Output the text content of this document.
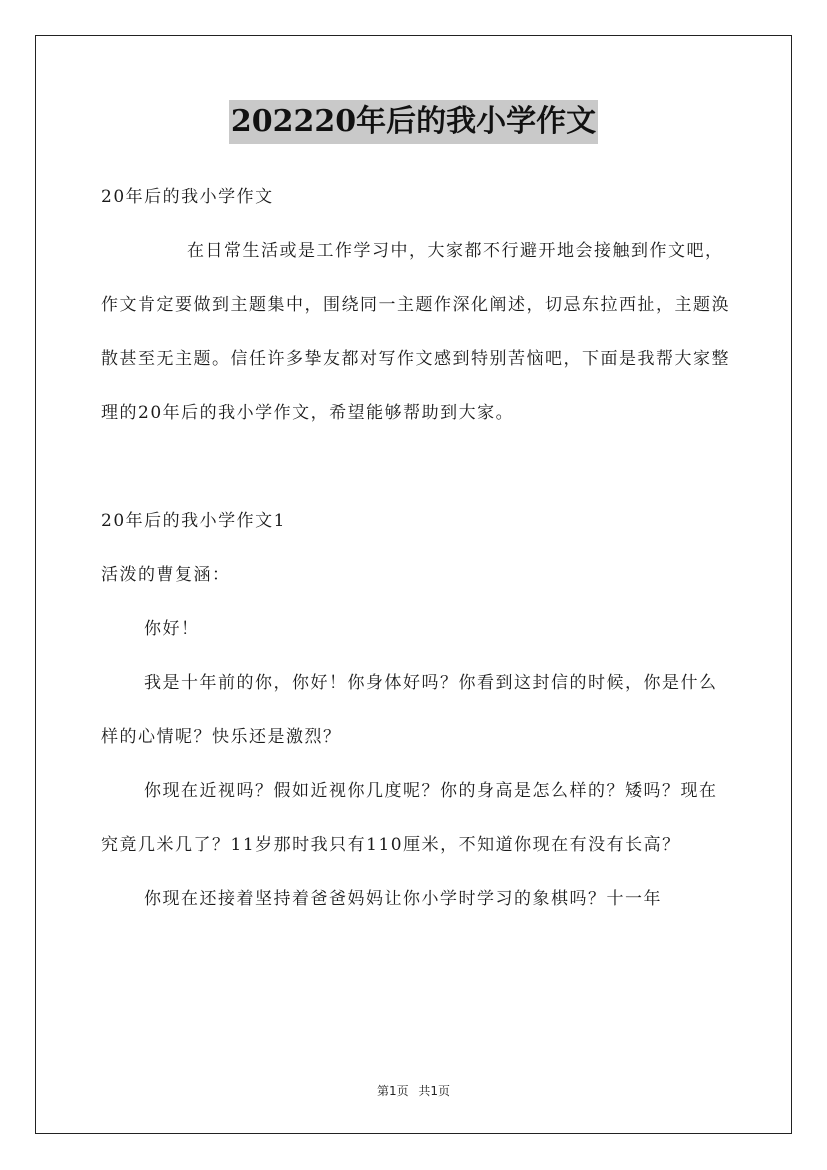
202220年后的我小学作文

20年后的我小学作文

在日常生活或是工作学习中，大家都不行避开地会接触到作文吧，作文肯定要做到主题集中，围绕同一主题作深化阐述，切忌东拉西扯，主题涣散甚至无主题。信任许多挚友都对写作文感到特别苦恼吧，下面是我帮大家整理的20年后的我小学作文，希望能够帮助到大家。

20年后的我小学作文1

活泼的曹复涵：

你好！

我是十年前的你，你好！你身体好吗？你看到这封信的时候，你是什么样的心情呢？快乐还是激烈？

你现在近视吗？假如近视你几度呢？你的身高是怎么样的？矮吗？现在究竟几米几了？11岁那时我只有110厘米，不知道你现在有没有长高？

你现在还接着坚持着爸爸妈妈让你小学时学习的象棋吗？十一年

第1页 共1页
